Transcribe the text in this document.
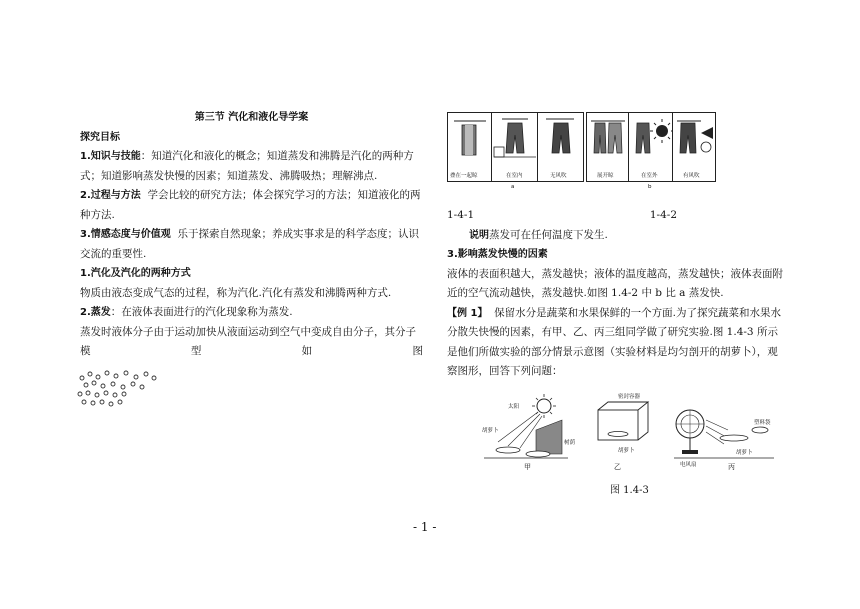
第三节 汽化和液化导学案

探究目标

1.知识与技能：知道汽化和液化的概念；知道蒸发和沸腾是汽化的两种方式；知道影响蒸发快慢的因素；知道蒸发、沸腾吸热；理解沸点.

2.过程与方法 学会比较的研究方法；体会探究学习的方法；知道液化的两种方法.

3.情感态度与价值观 乐于探索自然现象；养成实事求是的科学态度；认识交流的重要性.

1.汽化及汽化的两种方式

物质由液态变成气态的过程，称为汽化.汽化有蒸发和沸腾两种方式.

2.蒸发：在液体表面进行的汽化现象称为蒸发.

蒸发时液体分子由于运动加快从液面运动到空气中变成自由分子，其分子

模	型	如	图

叠在一起晾	在室内	无风吹
a
展开晾	在室外	有风吹
b

1-4-1	1-4-2

说明蒸发可在任何温度下发生.

3.影响蒸发快慢的因素

液体的表面积越大，蒸发越快；液体的温度越高，蒸发越快；液体表面附近的空气流动越快，蒸发越快.如图 1.4-2 中 b 比 a 蒸发快.

【例 1】 保留水分是蔬菜和水果保鲜的一个方面.为了探究蔬菜和水果水分散失快慢的因素，有甲、乙、丙三组同学做了研究实验.图 1.4-3 所示是他们所做实验的部分情景示意图（实验材料是均匀剖开的胡萝卜），观察图形，回答下列问题：

太阳
胡萝卜
树荫
密封容器
胡萝卜
电风扇
胡萝卜
塑料袋
甲	乙	丙
图 1.4-3
- 1 -
